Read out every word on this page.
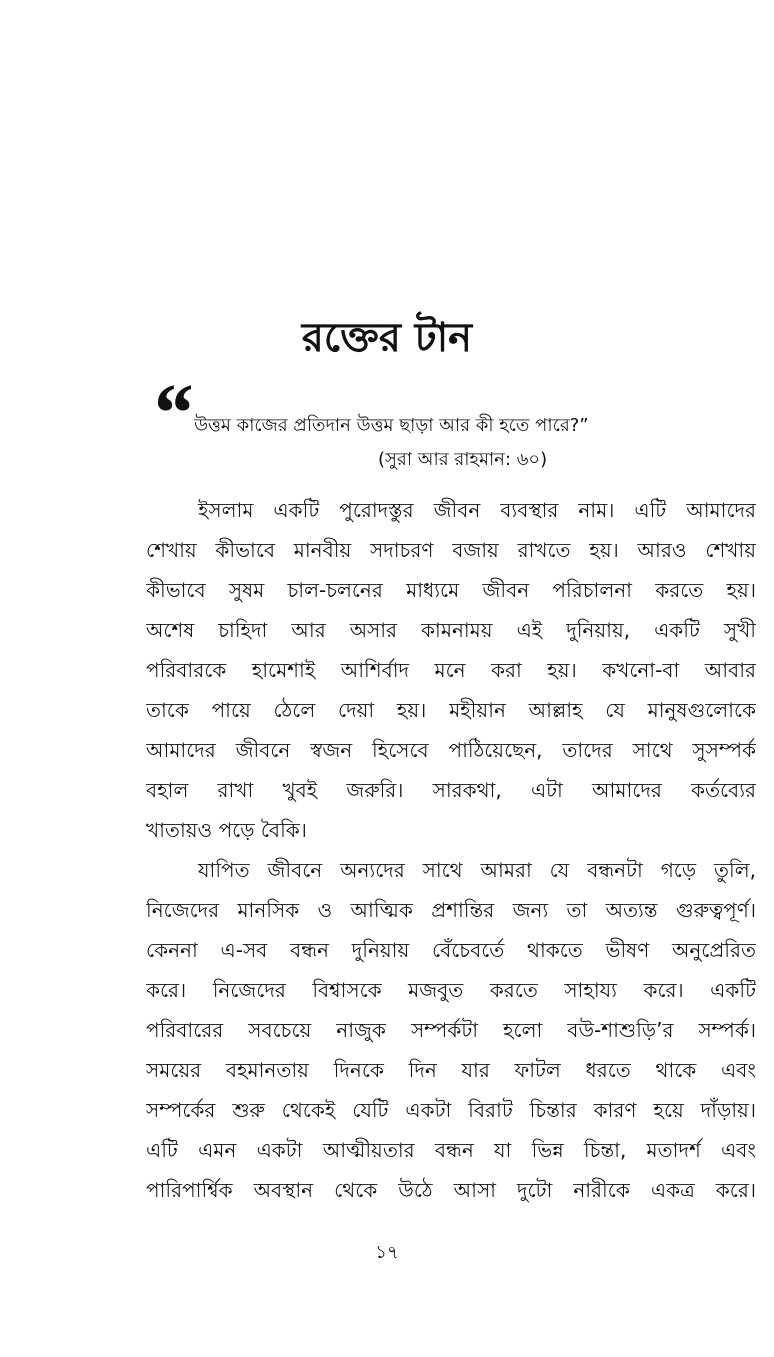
রক্তের টান
“ উত্তম কাজের প্রতিদান উত্তম ছাড়া আর কী হতে পারে?”
(সুরা আর রাহমান: ৬০)
ইসলাম একটি পুরোদস্তুর জীবন ব্যবস্থার নাম। এটি আমাদের
শেখায় কীভাবে মানবীয় সদাচরণ বজায় রাখতে হয়। আরও শেখায়
কীভাবে সুষম চাল-চলনের মাধ্যমে জীবন পরিচালনা করতে হয়।
অশেষ চাহিদা আর অসার কামনাময় এই দুনিয়ায়, একটি সুখী
পরিবারকে হামেশাই আশির্বাদ মনে করা হয়। কখনো-বা আবার
তাকে পায়ে ঠেলে দেয়া হয়। মহীয়ান আল্লাহ যে মানুষগুলোকে
আমাদের জীবনে স্বজন হিসেবে পাঠিয়েছেন, তাদের সাথে সুসম্পর্ক
বহাল রাখা খুবই জরুরি। সারকথা, এটা আমাদের কর্তব্যের
খাতায়ও পড়ে বৈকি।
যাপিত জীবনে অন্যদের সাথে আমরা যে বন্ধনটা গড়ে তুলি,
নিজেদের মানসিক ও আত্মিক প্রশান্তির জন্য তা অত্যন্ত গুরুত্বপূর্ণ।
কেননা এ-সব বন্ধন দুনিয়ায় বেঁচেবর্তে থাকতে ভীষণ অনুপ্রেরিত
করে। নিজেদের বিশ্বাসকে মজবুত করতে সাহায্য করে। একটি
পরিবারের সবচেয়ে নাজুক সম্পর্কটা হলো বউ-শাশুড়ি’র সম্পর্ক।
সময়ের বহমানতায় দিনকে দিন যার ফাটল ধরতে থাকে এবং
সম্পর্কের শুরু থেকেই যেটি একটা বিরাট চিন্তার কারণ হয়ে দাঁড়ায়।
এটি এমন একটা আত্মীয়তার বন্ধন যা ভিন্ন চিন্তা, মতাদর্শ এবং
পারিপার্শ্বিক অবস্থান থেকে উঠে আসা দুটো নারীকে একত্র করে।
১৭
